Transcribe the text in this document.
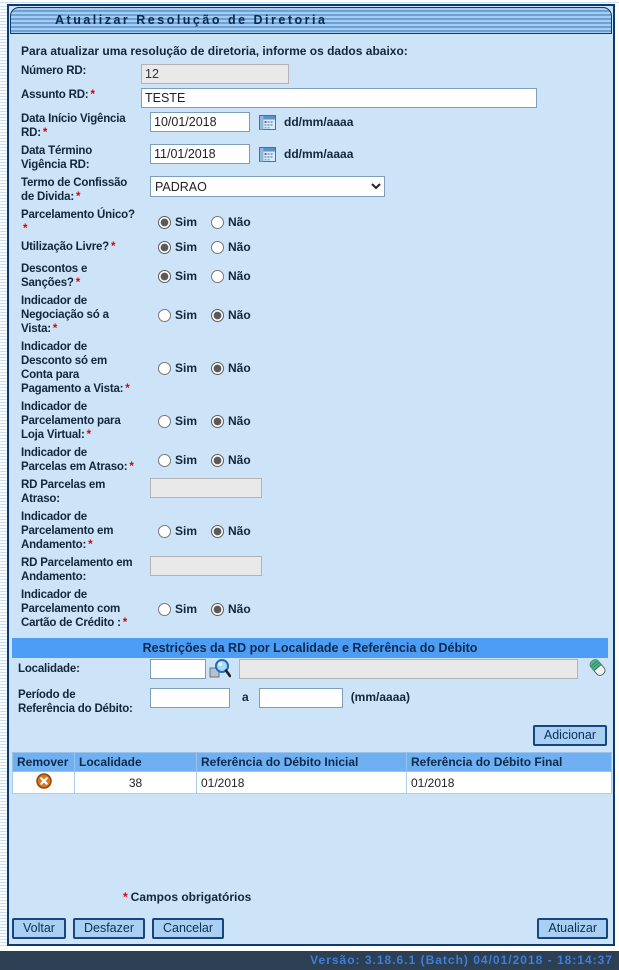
Atualizar Resolução de Diretoria
Para atualizar uma resolução de diretoria, informe os dados abaixo:
Número RD:
12
Assunto RD: *
TESTE
Data Início Vigência RD: *
10/01/2018
dd/mm/aaaa
Data Término Vigência RD:
11/01/2018
dd/mm/aaaa
Termo de Confissão de Divida: *
PADRAO
Parcelamento Único?*	Sim	Não
Utilização Livre? *	Sim	Não
Descontos e Sanções? *	Sim	Não
Indicador de Negociação só a Vista: *
Sim	Não
Indicador de Desconto só em Conta para Pagamento a Vista: *
Sim	Não
Indicador de Parcelamento para Loja Virtual: *
Sim	Não
Indicador de Parcelas em Atraso: *	Sim	Não
RD Parcelas em Atraso:
Indicador de Parcelamento em Andamento: *
Sim	Não
RD Parcelamento em Andamento:
Indicador de Parcelamento com Cartão de Crédito : *
Sim	Não
Restrições da RD por Localidade e Referência do Débito
Localidade:
Período de Referência do Débito:
a	(mm/aaaa)
Adicionar
Remover	Localidade	Referência do Débito Inicial	Referência do Débito Final
	38	01/2018	01/2018
* Campos obrigatórios
Voltar	Desfazer	Cancelar	Atualizar
Versão: 3.18.6.1 (Batch) 04/01/2018 - 18:14:37
